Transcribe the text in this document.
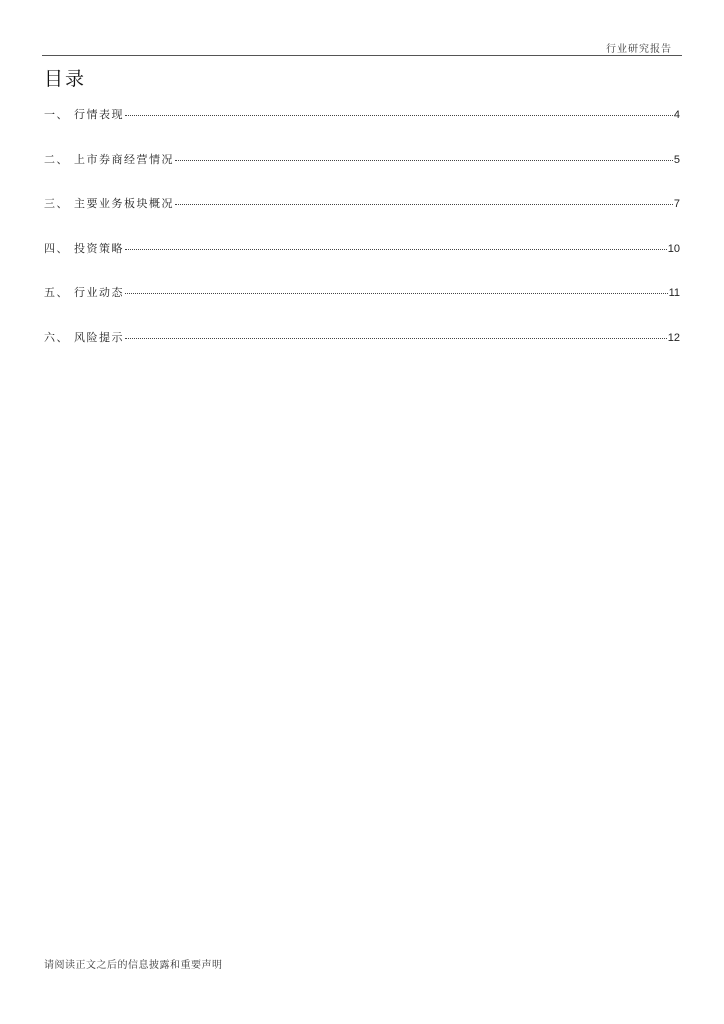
行业研究报告
目录
一、 行情表现	4
二、 上市券商经营情况	5
三、 主要业务板块概况	7
四、 投资策略	10
五、 行业动态	11
六、 风险提示	12
请阅读正文之后的信息披露和重要声明
